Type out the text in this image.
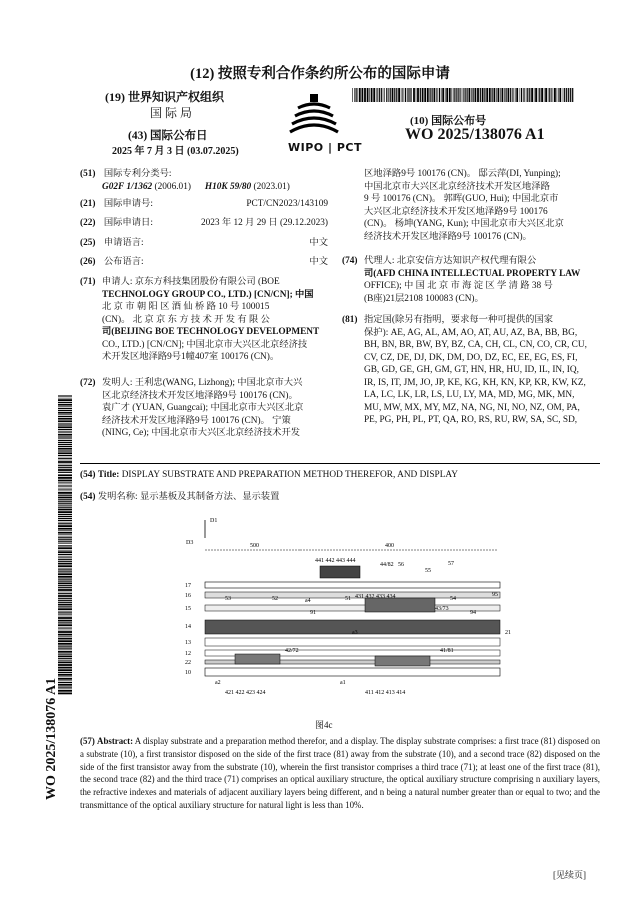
(12) 按照专利合作条约所公布的国际申请
(19) 世界知识产权组织
国 际 局
(43) 国际公布日
2025 年 7 月 3 日 (03.07.2025)
(10) 国际公布号
WO 2025/138076 A1
WIPO | PCT
WO 2025/138076 A1
(51) 国际专利分类号:
G02F 1/1362 (2006.01) H10K 59/80 (2023.01)
(21) 国际申请号:	PCT/CN2023/143109
(22) 国际申请日:	2023 年 12 月 29 日 (29.12.2023)
(25) 申请语言:	中文
(26) 公布语言:	中文
(71) 申请人: 京东方科技集团股份有限公司 (BOE
TECHNOLOGY GROUP CO., LTD.) [CN/CN]; 中国
北 京 市 朝 阳 区 酒 仙 桥 路 10 号 100015
(CN)。 北 京 京 东 方 技 术 开 发 有 限 公
司(BEIJING BOE TECHNOLOGY DEVELOPMENT
CO., LTD.) [CN/CN]; 中国北京市大兴区北京经济技
术开发区地泽路9号1幢407室 100176 (CN)。
(72) 发明人: 王利忠(WANG, Lizhong); 中国北京市大兴
区北京经济技术开发区地泽路9号 100176 (CN)。
袁广才 (YUAN, Guangcai); 中国北京市大兴区北京
经济技术开发区地泽路9号 100176 (CN)。 宁策
(NING, Ce); 中国北京市大兴区北京经济技术开发
区地泽路9号 100176 (CN)。 邸云萍(DI, Yunping);
中国北京市大兴区北京经济技术开发区地泽路
9 号 100176 (CN)。 郭晖(GUO, Hui); 中国北京市
大兴区北京经济技术开发区地泽路9号 100176
(CN)。 杨坤(YANG, Kun); 中国北京市大兴区北京
经济技术开发区地泽路9号 100176 (CN)。
(74) 代理人: 北京安信方达知识产权代理有限公
司(AFD CHINA INTELLECTUAL PROPERTY LAW
OFFICE); 中 国 北 京 市 海 淀 区 学 清 路 38 号
(B座)21层2108 100083 (CN)。
(81) 指定国(除另有指明，要求每一种可提供的国家
保护): AE, AG, AL, AM, AO, AT, AU, AZ, BA, BB, BG,
BH, BN, BR, BW, BY, BZ, CA, CH, CL, CN, CO, CR, CU,
CV, CZ, DE, DJ, DK, DM, DO, DZ, EC, EE, EG, ES, FI,
GB, GD, GE, GH, GM, GT, HN, HR, HU, ID, IL, IN, IQ,
IR, IS, IT, JM, JO, JP, KE, KG, KH, KN, KP, KR, KW, KZ,
LA, LC, LK, LR, LS, LU, LY, MA, MD, MG, MK, MN,
MU, MW, MX, MY, MZ, NA, NG, NI, NO, NZ, OM, PA,
PE, PG, PH, PL, PT, QA, RO, RS, RU, RW, SA, SC, SD,
(54) Title: DISPLAY SUBSTRATE AND PREPARATION METHOD THEREFOR, AND DISPLAY
(54) 发明名称: 显示基板及其制备方法、显示装置
D1
D3	500	400
17
16
15
14
13
12
22
10
53	52	51	54
55
56	57
91
95
94
21
44/82
43/73
42/72	41/81
a1
a2
a3
a4
441 442 443 444
431 432 433 434
421 422 423 424	411 412 413 414
图4c
(57) Abstract: A display substrate and a preparation method therefor, and a display. The display substrate comprises: a first trace (81) disposed on a substrate (10), a first transistor disposed on the side of the first trace (81) away from the substrate (10), and a second trace (82) disposed on the side of the first transistor away from the substrate (10), wherein the first transistor comprises a third trace (71); at least one of the first trace (81), the second trace (82) and the third trace (71) comprises an optical auxiliary structure, the optical auxiliary structure comprising n auxiliary layers, the refractive indexes and materials of adjacent auxiliary layers being different, and n being a natural number greater than or equal to two; and the transmittance of the optical auxiliary structure for natural light is less than 10%.
[见续页]
